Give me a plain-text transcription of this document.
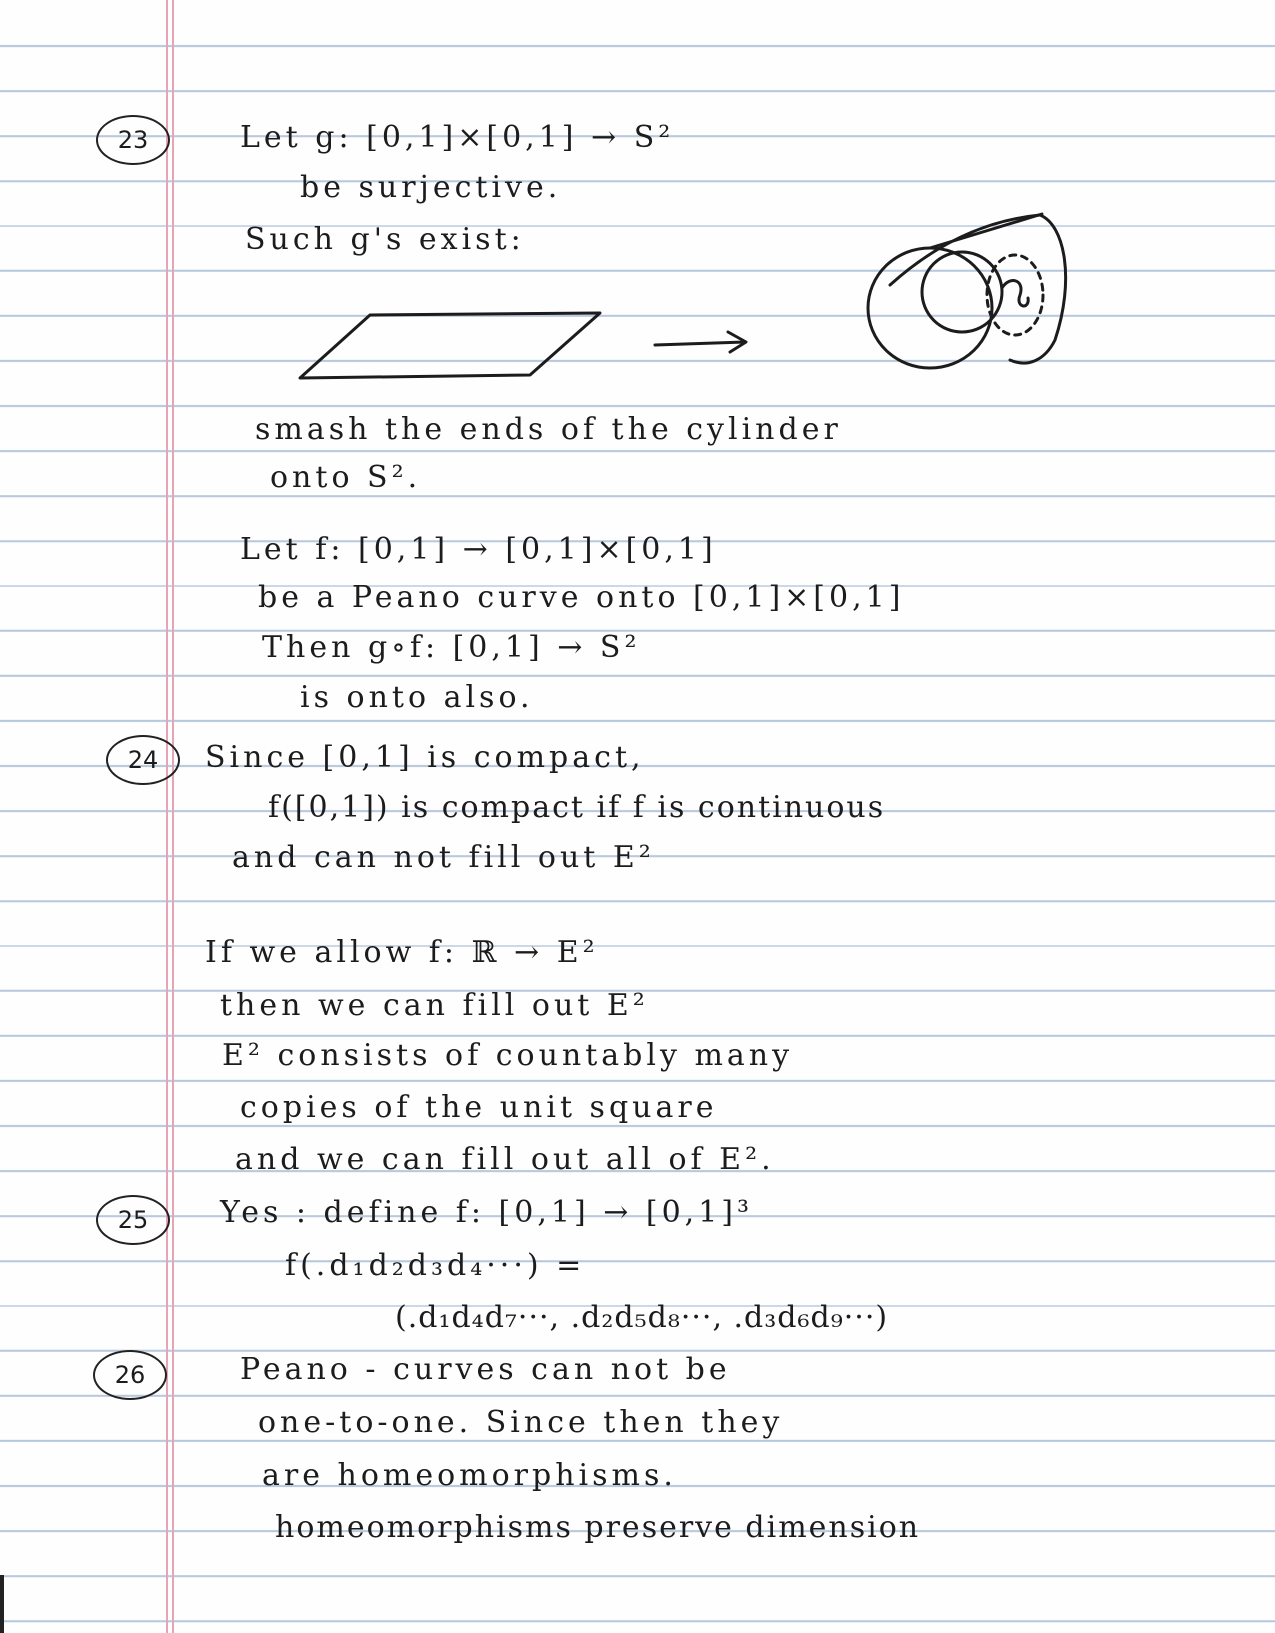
23	Let g: [0,1]×[0,1] → S²
be surjective.
Such g's exist:
smash the ends of the cylinder
onto S².
Let f: [0,1] → [0,1]×[0,1]
be a Peano curve onto [0,1]×[0,1]
Then g∘f: [0,1] → S²
is onto also.
24	Since [0,1] is compact,
f([0,1]) is compact if f is continuous
and can not fill out E²
If we allow f: ℝ → E²
then we can fill out E²
E² consists of countably many
copies of the unit square
and we can fill out all of E².
25	Yes : define f: [0,1] → [0,1]³
f(.d₁d₂d₃d₄···) =
(.d₁d₄d₇···, .d₂d₅d₈···, .d₃d₆d₉···)
26	Peano - curves can not be
one-to-one. Since then they
are homeomorphisms.
homeomorphisms preserve dimension
